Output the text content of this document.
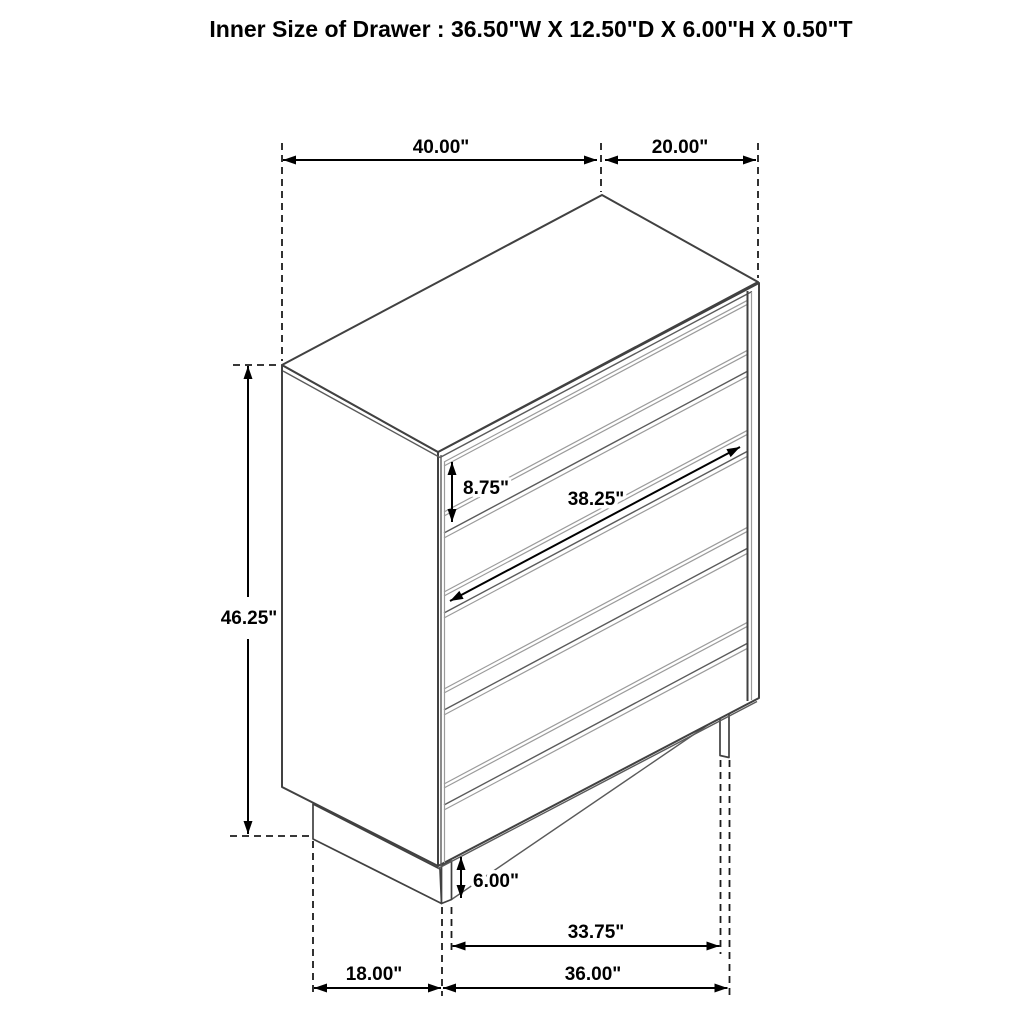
40.00"	20.00"
46.25"
8.75"
38.25"
6.00"
33.75"
36.00"
18.00"
Inner Size of Drawer : 36.50"W X 12.50"D X 6.00"H X 0.50"T
